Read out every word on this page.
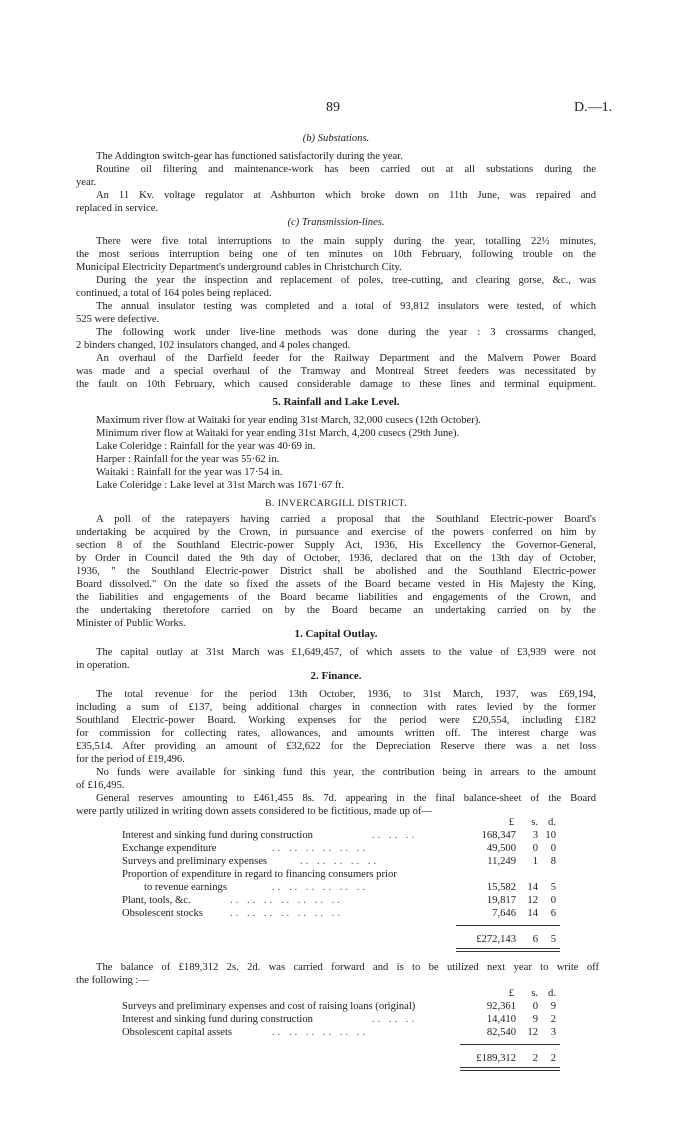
89	D.—1.
(b) Substations.
The Addington switch-gear has functioned satisfactorily during the year.
Routine oil filtering and maintenance-work has been carried out at all substations during the
year.
An 11 Kv. voltage regulator at Ashburton which broke down on 11th June, was repaired and
replaced in service.
(c) Transmission-lines.
There were five total interruptions to the main supply during the year, totalling 22½ minutes,
the most serious interruption being one of ten minutes on 10th February, following trouble on the
Municipal Electricity Department's underground cables in Christchurch City.
During the year the inspection and replacement of poles, tree-cutting, and clearing gorse, &c., was
continued, a total of 164 poles being replaced.
The annual insulator testing was completed and a total of 93,812 insulators were tested, of which
525 were defective.
The following work under live-line methods was done during the year : 3 crossarms changed,
2 binders changed, 102 insulators changed, and 4 poles changed.
An overhaul of the Darfield feeder for the Railway Department and the Malvern Power Board
was made and a special overhaul of the Tramway and Montreal Street feeders was necessitated by
the fault on 10th February, which caused considerable damage to these lines and terminal equipment.
5. Rainfall and Lake Level.
Maximum river flow at Waitaki for year ending 31st March, 32,000 cusecs (12th October).
Minimum river flow at Waitaki for year ending 31st March, 4,200 cusecs (29th June).
Lake Coleridge : Rainfall for the year was 40·69 in.
Harper : Rainfall for the year was 55·62 in.
Waitaki : Rainfall for the year was 17·54 in.
Lake Coleridge : Lake level at 31st March was 1671·67 ft.
B. INVERCARGILL DISTRICT.
A poll of the ratepayers having carried a proposal that the Southland Electric-power Board's
undertaking be acquired by the Crown, in pursuance and exercise of the powers conferred on him by
section 8 of the Southland Electric-power Supply Act, 1936, His Excellency the Governor-General,
by Order in Council dated the 9th day of October, 1936, declared that on the 13th day of October,
1936, " the Southland Electric-power District shall be abolished and the Southland Electric-power
Board dissolved." On the date so fixed the assets of the Board became vested in His Majesty the King,
the liabilities and engagements of the Board became liabilities and engagements of the Crown, and
the undertaking theretofore carried on by the Board became an undertaking carried on by the
Minister of Public Works.
1. Capital Outlay.
The capital outlay at 31st March was £1,649,457, of which assets to the value of £3,939 were not
in operation.
2. Finance.
The total revenue for the period 13th October, 1936, to 31st March, 1937, was £69,194,
including a sum of £137, being additional charges in connection with rates levied by the former
Southland Electric-power Board. Working expenses for the period were £20,554, including £182
for commission for collecting rates, allowances, and amounts written off. The interest charge was
£35,514. After providing an amount of £32,622 for the Depreciation Reserve there was a net loss
for the period of £19,496.
No funds were available for sinking fund this year, the contribution being in arrears to the amount
of £16,495.
General reserves amounting to £461,455 8s. 7d. appearing in the final balance-sheet of the Board
were partly utilized in writing down assets considered to be fictitious, made up of—
£	s. d.
Interest and sinking fund during construction	.. .. ..	168,347	3 10
Exchange expenditure	.. .. .. .. .. ..	49,500	0	0
Surveys and preliminary expenses	.. .. .. .. ..	11,249	1	8
Proportion of expenditure in regard to financing consumers prior
to revenue earnings	.. .. .. .. .. ..	15,582	14	5
Plant, tools, &c.	.. .. .. .. .. .. ..	19,817	12	0
Obsolescent stocks	.. .. .. .. .. .. ..	7,646	14	6
£272,143	6	5
The balance of £189,312 2s. 2d. was carried forward and is to be utilized next year to write off
the following :—
£	s. d.
Surveys and preliminary expenses and cost of raising loans (original)	92,361	0	9
Interest and sinking fund during construction	.. .. ..	14,410	9	2
Obsolescent capital assets	.. .. .. .. .. ..	82,540	12	3
£189,312	2	2
